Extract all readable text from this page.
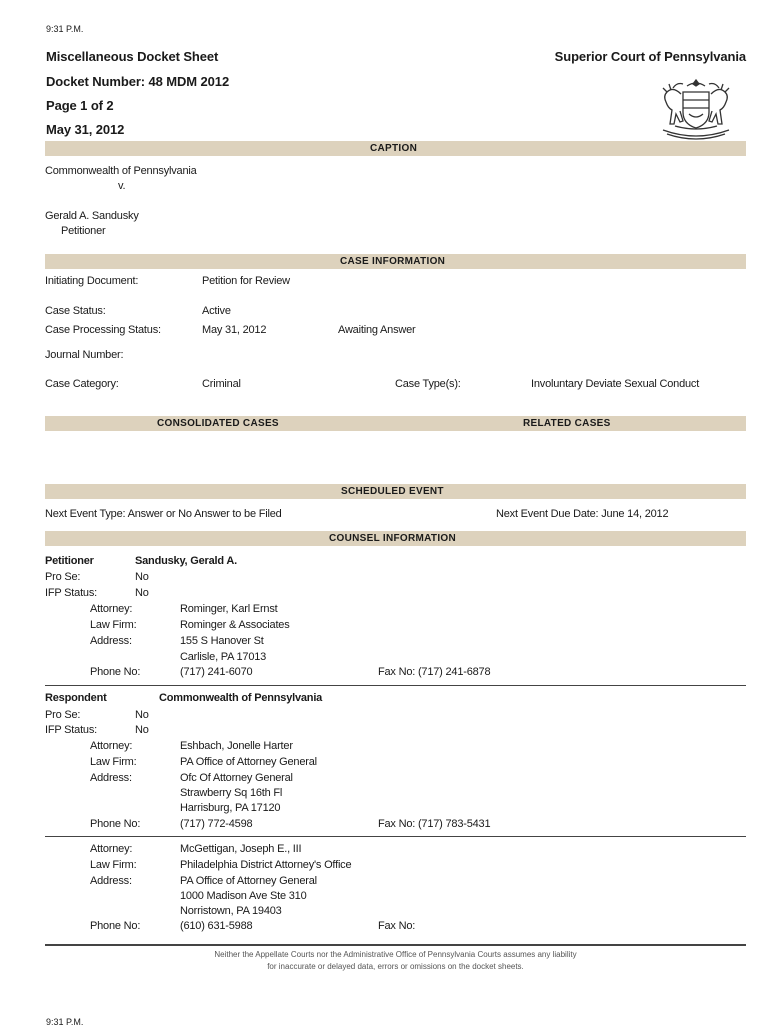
9:31 P.M.
Miscellaneous Docket Sheet	Superior Court of Pennsylvania
Docket Number: 48 MDM 2012
Page 1 of 2
May 31, 2012
CAPTION
Commonwealth of Pennsylvania
v.
Gerald A. Sandusky
Petitioner
CASE INFORMATION
Initiating Document:	Petition for Review
Case Status:	Active
Case Processing Status:	May 31, 2012	Awaiting Answer
Journal Number:
Case Category:	Criminal	Case Type(s):	Involuntary Deviate Sexual Conduct
CONSOLIDATED CASES	RELATED CASES
SCHEDULED EVENT
Next Event Type: Answer or No Answer to be Filed	Next Event Due Date: June 14, 2012
COUNSEL INFORMATION
Petitioner	Sandusky, Gerald A.
Pro Se:	No
IFP Status:	No
Attorney:	Rominger, Karl Ernst
Law Firm:	Rominger & Associates
Address:	155 S Hanover St
Carlisle, PA 17013
Phone No:	(717) 241-6070	Fax No: (717) 241-6878
Respondent	Commonwealth of Pennsylvania
Pro Se:	No
IFP Status:	No
Attorney:	Eshbach, Jonelle Harter
Law Firm:	PA Office of Attorney General
Address:	Ofc Of Attorney General
Strawberry Sq 16th Fl
Harrisburg, PA 17120
Phone No:	(717) 772-4598	Fax No: (717) 783-5431
Attorney:	McGettigan, Joseph E., III
Law Firm:	Philadelphia District Attorney's Office
Address:	PA Office of Attorney General
1000 Madison Ave Ste 310
Norristown, PA 19403
Phone No:	(610) 631-5988	Fax No:
Neither the Appellate Courts nor the Administrative Office of Pennsylvania Courts assumes any liability
for inaccurate or delayed data, errors or omissions on the docket sheets.
9:31 P.M.
